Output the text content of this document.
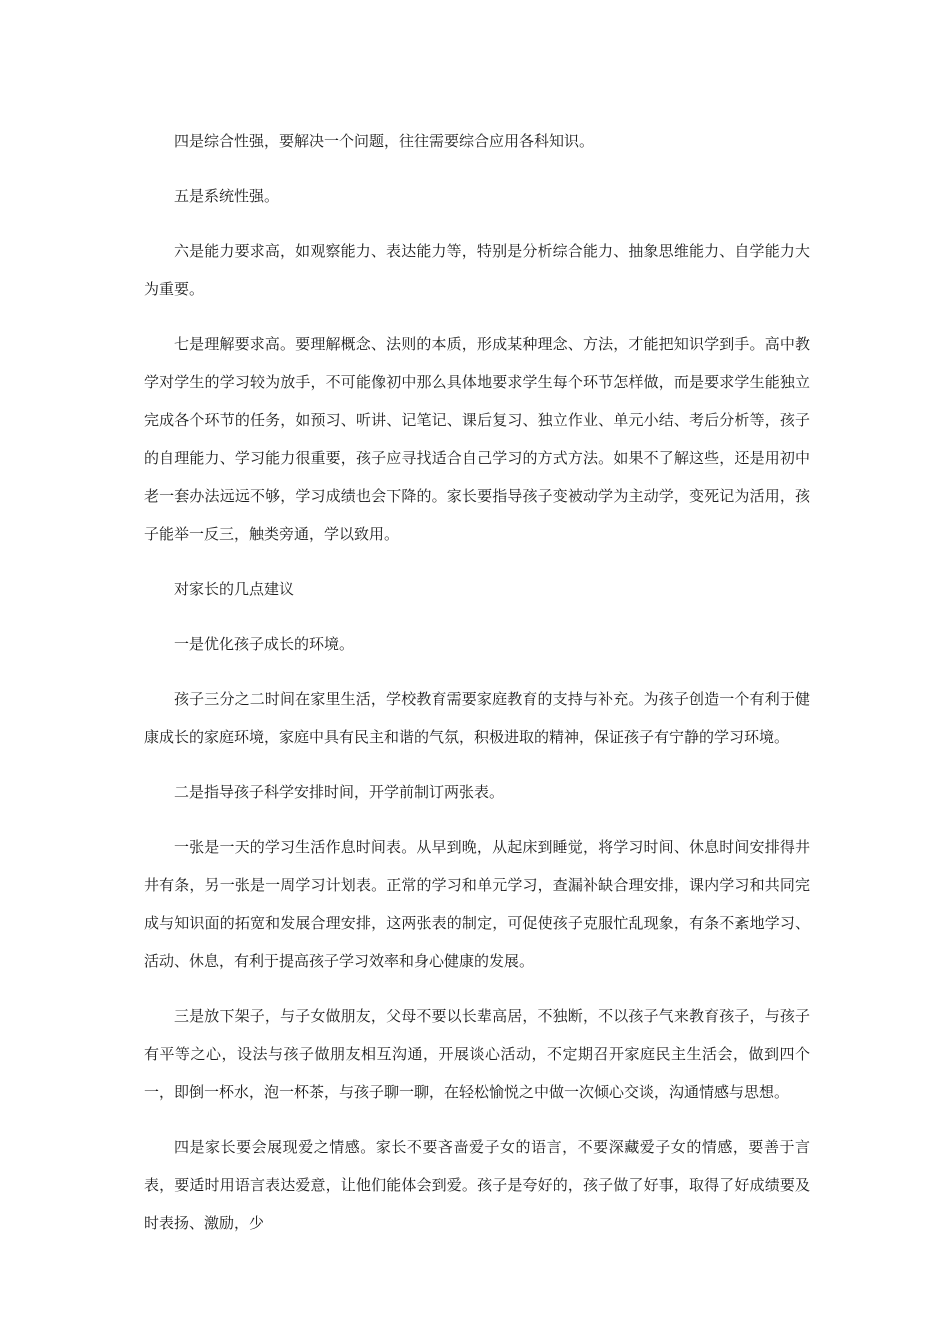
四是综合性强，要解决一个问题，往往需要综合应用各科知识。

五是系统性强。

六是能力要求高，如观察能力、表达能力等，特别是分析综合能力、抽象思维能力、自学能力大为重要。

七是理解要求高。要理解概念、法则的本质，形成某种理念、方法，才能把知识学到手。高中教学对学生的学习较为放手，不可能像初中那么具体地要求学生每个环节怎样做，而是要求学生能独立完成各个环节的任务，如预习、听讲、记笔记、课后复习、独立作业、单元小结、考后分析等，孩子的自理能力、学习能力很重要，孩子应寻找适合自己学习的方式方法。如果不了解这些，还是用初中老一套办法远远不够，学习成绩也会下降的。家长要指导孩子变被动学为主动学，变死记为活用，孩子能举一反三，触类旁通，学以致用。

对家长的几点建议

一是优化孩子成长的环境。

孩子三分之二时间在家里生活，学校教育需要家庭教育的支持与补充。为孩子创造一个有利于健康成长的家庭环境，家庭中具有民主和谐的气氛，积极进取的精神，保证孩子有宁静的学习环境。

二是指导孩子科学安排时间，开学前制订两张表。

一张是一天的学习生活作息时间表。从早到晚，从起床到睡觉，将学习时间、休息时间安排得井井有条，另一张是一周学习计划表。正常的学习和单元学习，查漏补缺合理安排，课内学习和共同完成与知识面的拓宽和发展合理安排，这两张表的制定，可促使孩子克服忙乱现象，有条不紊地学习、活动、休息，有利于提高孩子学习效率和身心健康的发展。

三是放下架子，与子女做朋友，父母不要以长辈高居，不独断，不以孩子气来教育孩子，与孩子有平等之心，设法与孩子做朋友相互沟通，开展谈心活动，不定期召开家庭民主生活会，做到四个一，即倒一杯水，泡一杯茶，与孩子聊一聊，在轻松愉悦之中做一次倾心交谈，沟通情感与思想。

四是家长要会展现爱之情感。家长不要吝啬爱子女的语言，不要深藏爱子女的情感，要善于言表，要适时用语言表达爱意，让他们能体会到爱。孩子是夸好的，孩子做了好事，取得了好成绩要及时表扬、激励，少
